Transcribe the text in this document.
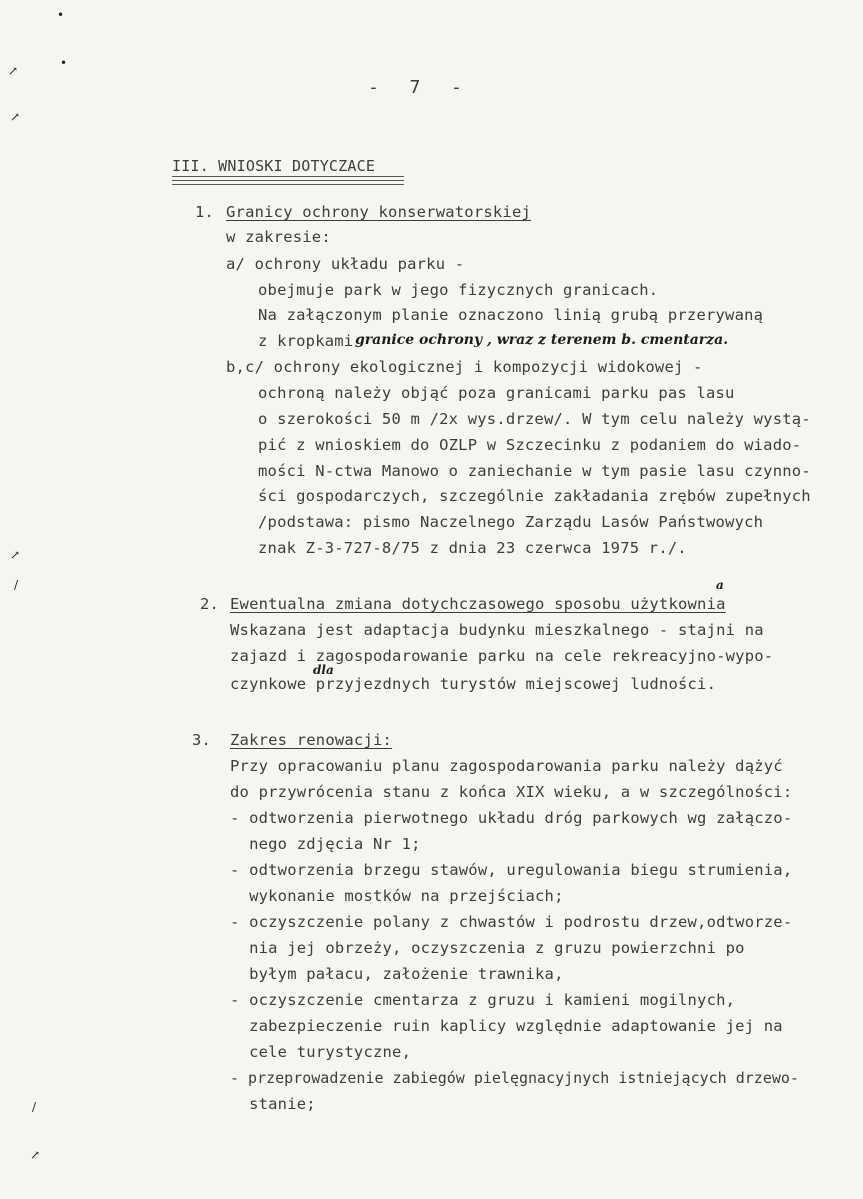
•
↗
•
↗
↗
/
/
↗
-  7  -
III. WNIOSKI DOTYCZACE
1. Granicy ochrony konserwatorskiej
w zakresie:
a/ ochrony układu parku -
obejmuje park w jego fizycznych granicach.
Na załączonym planie oznaczono linią grubą przerywaną
z kropkami granice ochrony , wraz z terenem b. cmentarza.
b,c/ ochrony ekologicznej i kompozycji widokowej -
ochroną należy objąć poza granicami parku pas lasu
o szerokości 50 m /2x wys.drzew/. W tym celu należy wystą-
pić z wnioskiem do OZLP w Szczecinku z podaniem do wiado-
mości N-ctwa Manowo o zaniechanie w tym pasie lasu czynno-
ści gospodarczych, szczególnie zakładania zrębów zupełnych
/podstawa: pismo Naczelnego Zarządu Lasów Państwowych
znak Z-3-727-8/75 z dnia 23 czerwca 1975 r./.
2.
a
Ewentualna zmiana dotychczasowego sposobu użytkownia
Wskazana jest adaptacja budynku mieszkalnego - stajni na
zajazd i zagospodarowanie parku na cele rekreacyjno-wypo-
dla
czynkowe przyjezdnych turystów miejscowej ludności.
3. Zakres renowacji:
Przy opracowaniu planu zagospodarowania parku należy dążyć
do przywrócenia stanu z końca XIX wieku, a w szczególności:
- odtworzenia pierwotnego układu dróg parkowych wg załączo-
nego zdjęcia Nr 1;
- odtworzenia brzegu stawów, uregulowania biegu strumienia,
wykonanie mostków na przejściach;
- oczyszczenie polany z chwastów i podrostu drzew,odtworze-
nia jej obrzeży, oczyszczenia z gruzu powierzchni po
byłym pałacu, założenie trawnika,
- oczyszczenie cmentarza z gruzu i kamieni mogilnych,
zabezpieczenie ruin kaplicy względnie adaptowanie jej na
cele turystyczne,
- przeprowadzenie zabiegów pielęgnacyjnych istniejących drzewo-
stanie;
